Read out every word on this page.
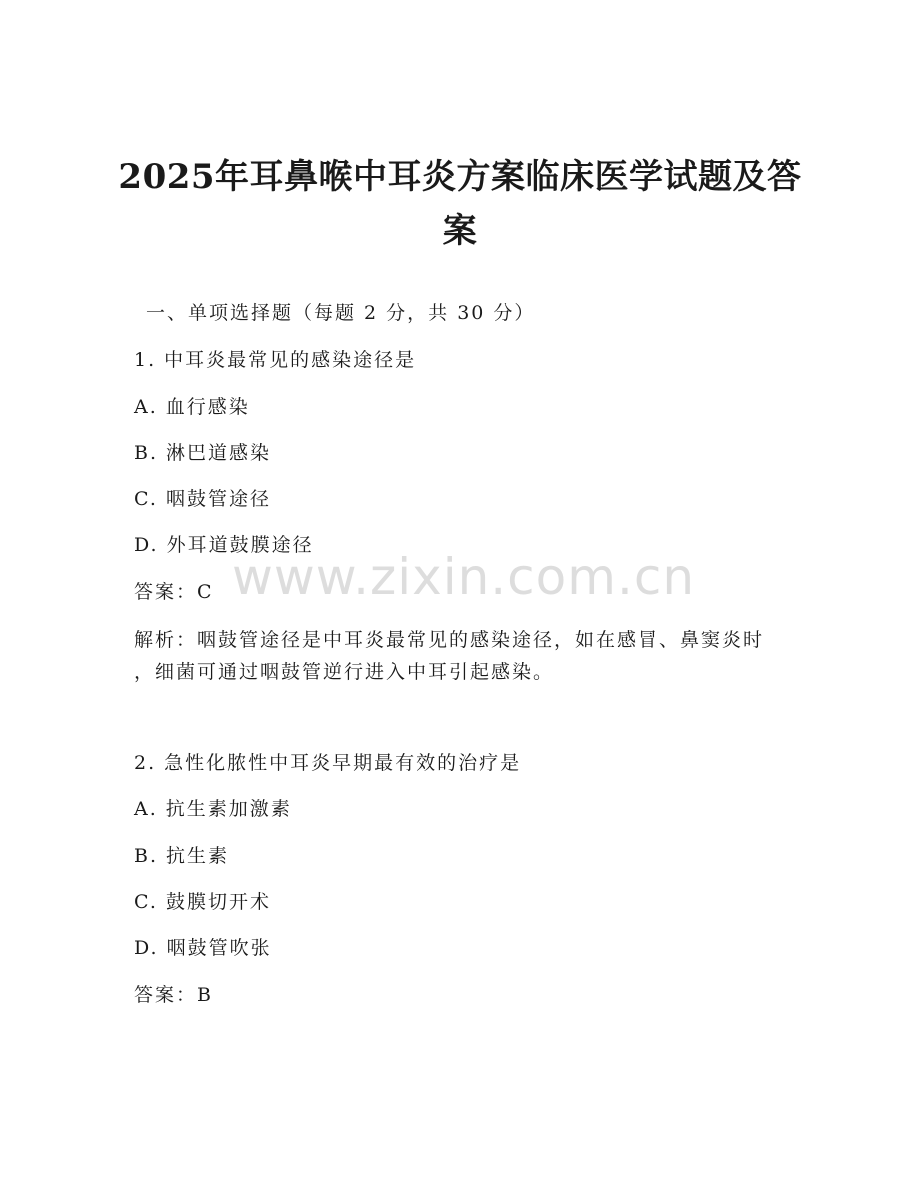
2025年耳鼻喉中耳炎方案临床医学试题及答
案
一、单项选择题（每题 2 分，共 30 分）
1. 中耳炎最常见的感染途径是
A. 血行感染
B. 淋巴道感染
C. 咽鼓管途径
D. 外耳道鼓膜途径
答案：C
解析：咽鼓管途径是中耳炎最常见的感染途径，如在感冒、鼻窦炎时
，细菌可通过咽鼓管逆行进入中耳引起感染。
2. 急性化脓性中耳炎早期最有效的治疗是
A. 抗生素加激素
B. 抗生素
C. 鼓膜切开术
D. 咽鼓管吹张
答案：B
www.zixin.com.cn
